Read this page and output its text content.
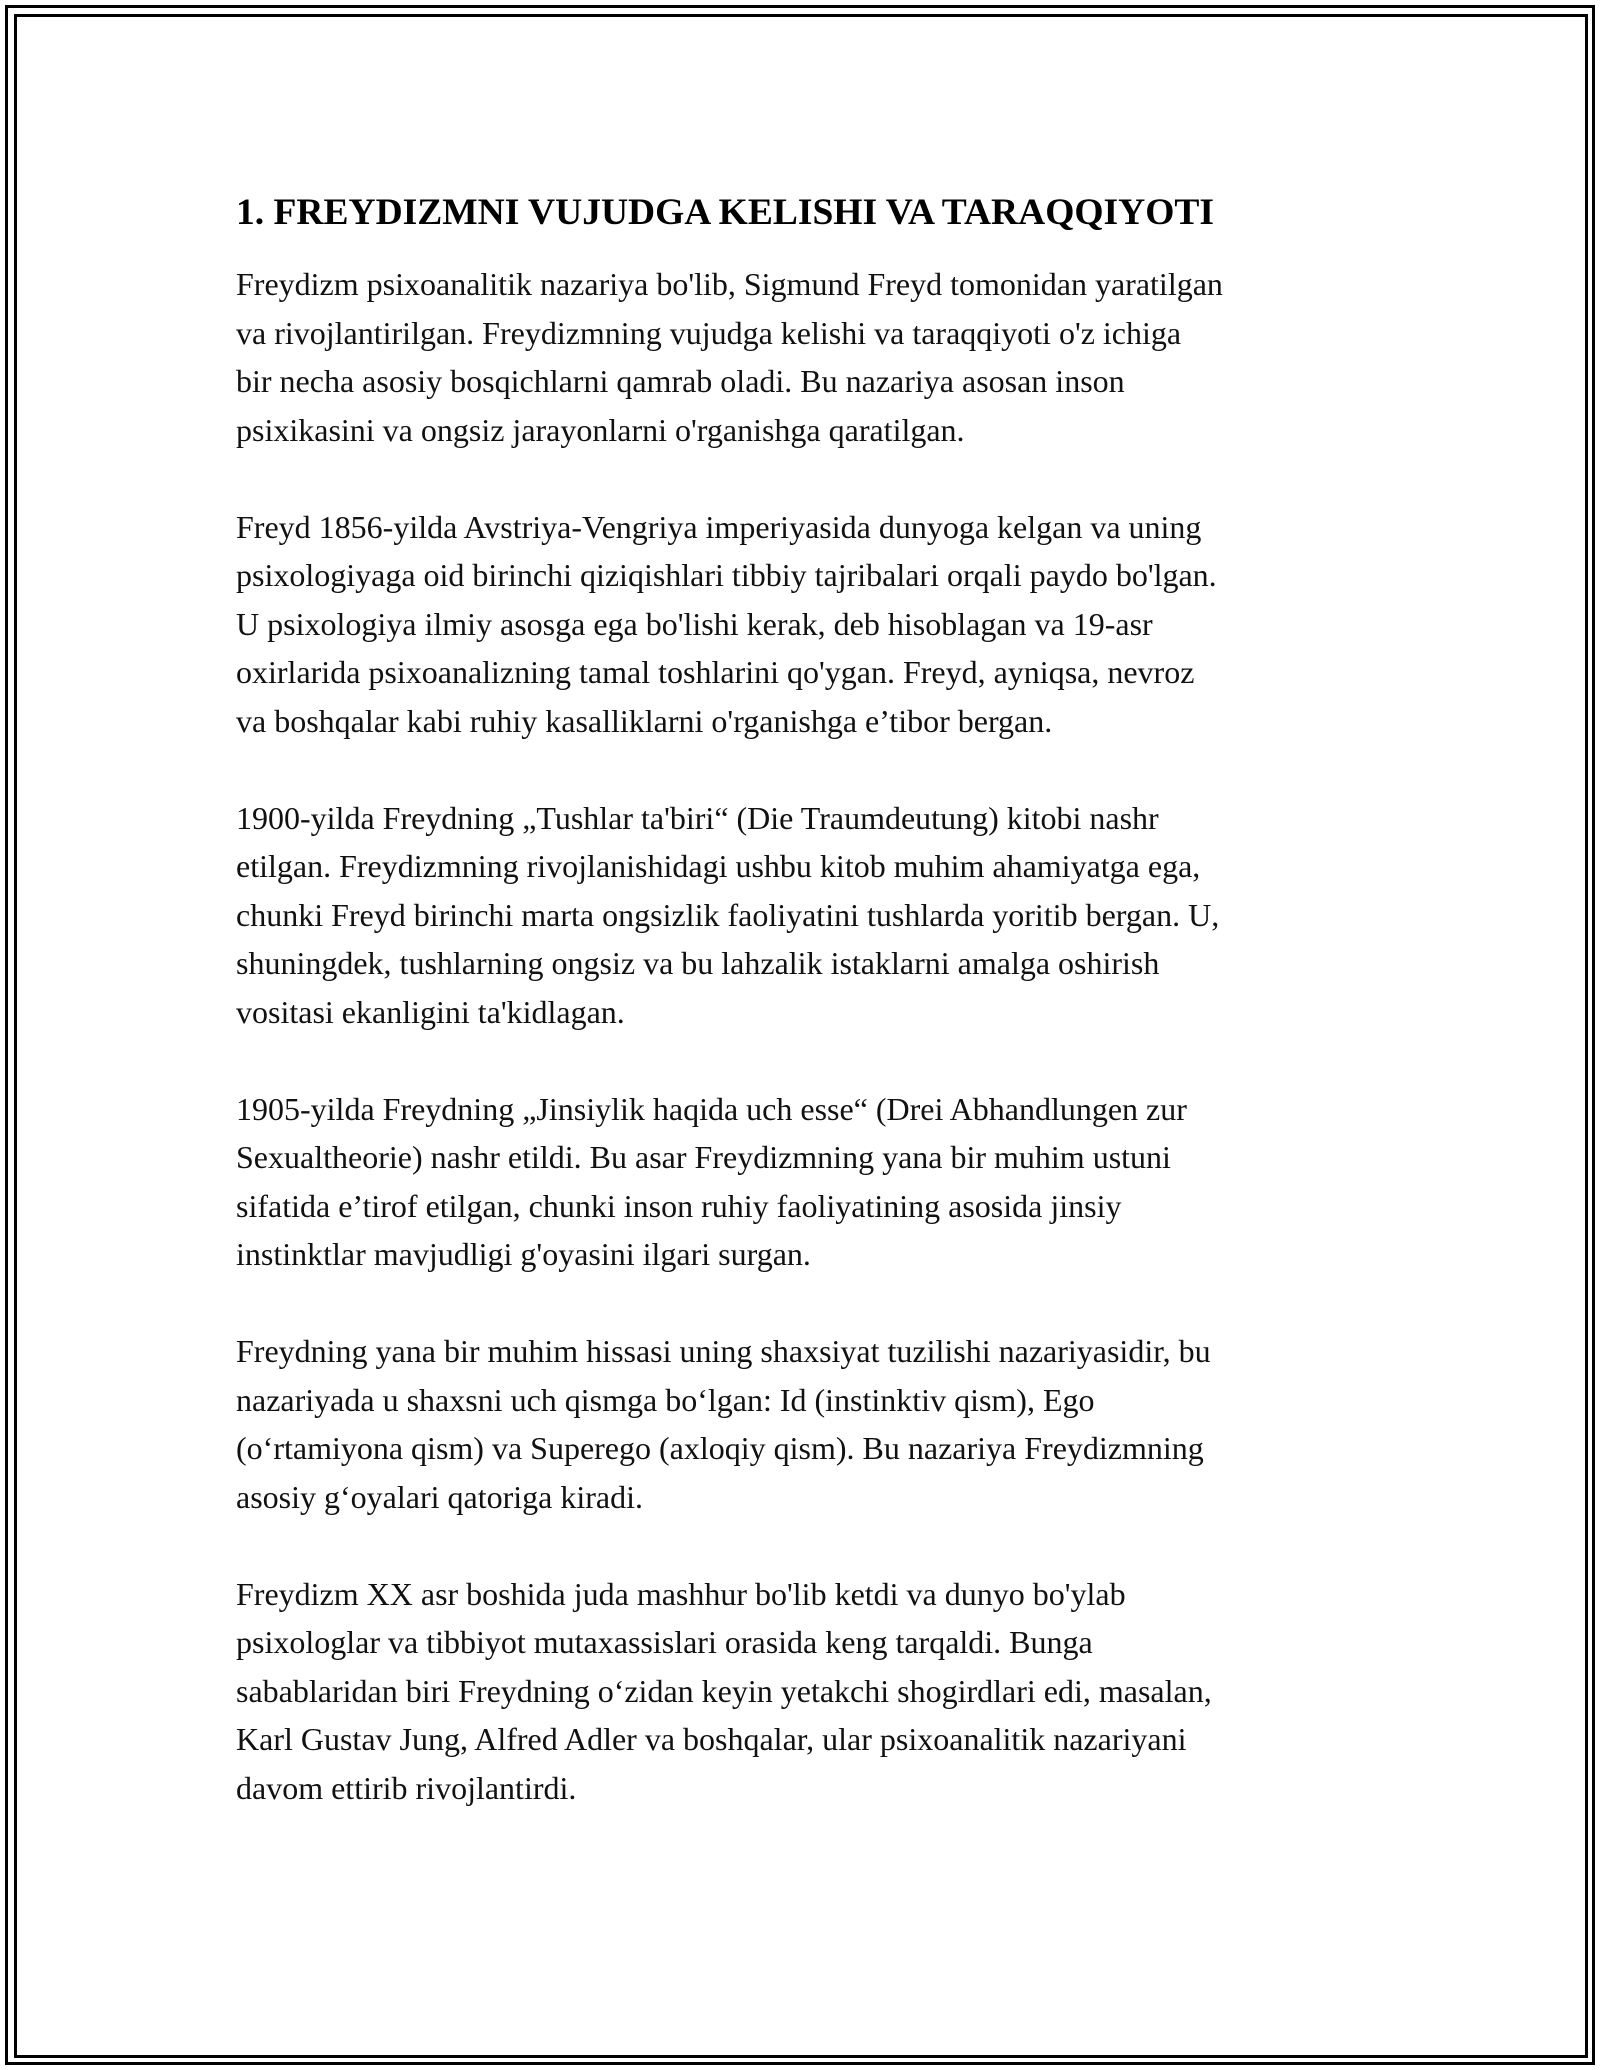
1. FREYDIZMNI VUJUDGA KELISHI VA TARAQQIYOTI
Freydizm psixoanalitik nazariya bo'lib, Sigmund Freyd tomonidan yaratilgan
va rivojlantirilgan. Freydizmning vujudga kelishi va taraqqiyoti o'z ichiga
bir necha asosiy bosqichlarni qamrab oladi. Bu nazariya asosan inson
psixikasini va ongsiz jarayonlarni o'rganishga qaratilgan.
Freyd 1856-yilda Avstriya-Vengriya imperiyasida dunyoga kelgan va uning
psixologiyaga oid birinchi qiziqishlari tibbiy tajribalari orqali paydo bo'lgan.
U psixologiya ilmiy asosga ega bo'lishi kerak, deb hisoblagan va 19-asr
oxirlarida psixoanalizning tamal toshlarini qo'ygan. Freyd, ayniqsa, nevroz
va boshqalar kabi ruhiy kasalliklarni o'rganishga e’tibor bergan.
1900-yilda Freydning „Tushlar ta'biri“ (Die Traumdeutung) kitobi nashr
etilgan. Freydizmning rivojlanishidagi ushbu kitob muhim ahamiyatga ega,
chunki Freyd birinchi marta ongsizlik faoliyatini tushlarda yoritib bergan. U,
shuningdek, tushlarning ongsiz va bu lahzalik istaklarni amalga oshirish
vositasi ekanligini ta'kidlagan.
1905-yilda Freydning „Jinsiylik haqida uch esse“ (Drei Abhandlungen zur
Sexualtheorie) nashr etildi. Bu asar Freydizmning yana bir muhim ustuni
sifatida e’tirof etilgan, chunki inson ruhiy faoliyatining asosida jinsiy
instinktlar mavjudligi g'oyasini ilgari surgan.
Freydning yana bir muhim hissasi uning shaxsiyat tuzilishi nazariyasidir, bu
nazariyada u shaxsni uch qismga bo‘lgan: Id (instinktiv qism), Ego
(o‘rtamiyona qism) va Superego (axloqiy qism). Bu nazariya Freydizmning
asosiy g‘oyalari qatoriga kiradi.
Freydizm XX asr boshida juda mashhur bo'lib ketdi va dunyo bo'ylab
psixologlar va tibbiyot mutaxassislari orasida keng tarqaldi. Bunga
sabablaridan biri Freydning o‘zidan keyin yetakchi shogirdlari edi, masalan,
Karl Gustav Jung, Alfred Adler va boshqalar, ular psixoanalitik nazariyani
davom ettirib rivojlantirdi.
